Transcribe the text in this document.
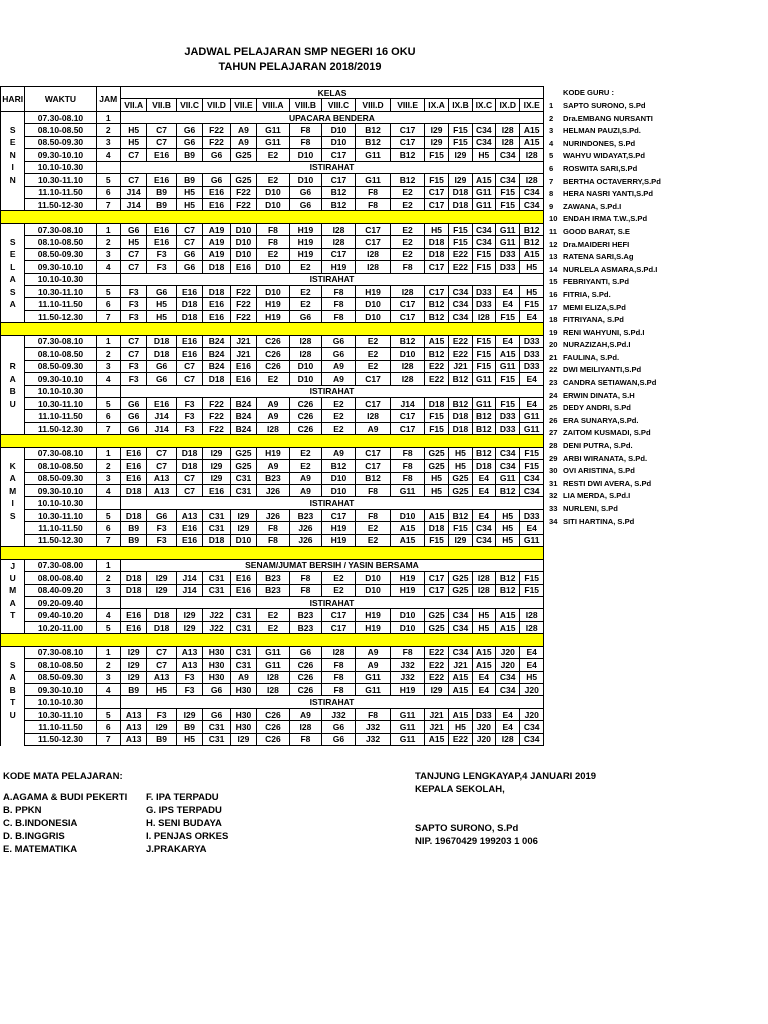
JADWAL PELAJARAN SMP NEGERI 16 OKU
TAHUN PELAJARAN 2018/2019
HARI	WAKTU	JAM	KELAS														
			VII.A	VII.B	VII.C	VII.D	VII.E	VIII.A	VIII.B	VIII.C	VIII.D	VIII.E	IX.A	IX.B	IX.C	IX.D	IX.E
	07.30-08.10	1	UPACARA BENDERA														
S	08.10-08.50	2	H5	C7	G6	F22	A9	G11	F8	D10	B12	C17	I29	F15	C34	I28	A15
E	08.50-09.30	3	H5	C7	G6	F22	A9	G11	F8	D10	B12	C17	I29	F15	C34	I28	A15
N	09.30-10.10	4	C7	E16	B9	G6	G25	E2	D10	C17	G11	B12	F15	I29	H5	C34	I28
I	10.10-10.30		ISTIRAHAT														
N	10.30-11.10	5	C7	E16	B9	G6	G25	E2	D10	C17	G11	B12	F15	I29	A15	C34	I28
	11.10-11.50	6	J14	B9	H5	E16	F22	D10	G6	B12	F8	E2	C17	D18	G11	F15	C34
	11.50-12-30	7	J14	B9	H5	E16	F22	D10	G6	B12	F8	E2	C17	D18	G11	F15	C34

	07.30-08.10	1	G6	E16	C7	A19	D10	F8	H19	I28	C17	E2	H5	F15	C34	G11	B12
S	08.10-08.50	2	H5	E16	C7	A19	D10	F8	H19	I28	C17	E2	D18	F15	C34	G11	B12
E	08.50-09.30	3	C7	F3	G6	A19	D10	E2	H19	C17	I28	E2	D18	E22	F15	D33	A15
L	09.30-10.10	4	C7	F3	G6	D18	E16	D10	E2	H19	I28	F8	C17	E22	F15	D33	H5
A	10.10-10.30		ISTIRAHAT														
S	10.30-11.10	5	F3	G6	E16	D18	F22	D10	E2	F8	H19	I28	C17	C34	D33	E4	H5
A	11.10-11.50	6	F3	H5	D18	E16	F22	H19	E2	F8	D10	C17	B12	C34	D33	E4	F15
	11.50-12.30	7	F3	H5	D18	E16	F22	H19	G6	F8	D10	C17	B12	C34	I28	F15	E4

	07.30-08.10	1	C7	D18	E16	B24	J21	C26	I28	G6	E2	B12	A15	E22	F15	E4	D33
	08.10-08.50	2	C7	D18	E16	B24	J21	C26	I28	G6	E2	D10	B12	E22	F15	A15	D33
R	08.50-09.30	3	F3	G6	C7	B24	E16	C26	D10	A9	E2	I28	E22	J21	F15	G11	D33
A	09.30-10.10	4	F3	G6	C7	D18	E16	E2	D10	A9	C17	I28	E22	B12	G11	F15	E4
B	10.10-10.30		ISTIRAHAT														
U	10.30-11.10	5	G6	E16	F3	F22	B24	A9	C26	E2	C17	J14	D18	B12	G11	F15	E4
	11.10-11.50	6	G6	J14	F3	F22	B24	A9	C26	E2	I28	C17	F15	D18	B12	D33	G11
	11.50-12.30	7	G6	J14	F3	F22	B24	I28	C26	E2	A9	C17	F15	D18	B12	D33	G11

	07.30-08.10	1	E16	C7	D18	I29	G25	H19	E2	A9	C17	F8	G25	H5	B12	C34	F15
K	08.10-08.50	2	E16	C7	D18	I29	G25	A9	E2	B12	C17	F8	G25	H5	D18	C34	F15
A	08.50-09.30	3	E16	A13	C7	I29	C31	B23	A9	D10	B12	F8	H5	G25	E4	G11	C34
M	09.30-10.10	4	D18	A13	C7	E16	C31	J26	A9	D10	F8	G11	H5	G25	E4	B12	C34
I	10.10-10.30		ISTIRAHAT														
S	10.30-11.10	5	D18	G6	A13	C31	I29	J26	B23	C17	F8	D10	A15	B12	E4	H5	D33
	11.10-11.50	6	B9	F3	E16	C31	I29	F8	J26	H19	E2	A15	D18	F15	C34	H5	E4
	11.50-12.30	7	B9	F3	E16	D18	D10	F8	J26	H19	E2	A15	F15	I29	C34	H5	G11

J	07.30-08.00	1	SENAM/JUMAT BERSIH / YASIN BERSAMA														
U	08.00-08.40	2	D18	I29	J14	C31	E16	B23	F8	E2	D10	H19	C17	G25	I28	B12	F15
M	08.40-09.20	3	D18	I29	J14	C31	E16	B23	F8	E2	D10	H19	C17	G25	I28	B12	F15
A	09.20-09.40		ISTIRAHAT														
T	09.40-10.20	4	E16	D18	I29	J22	C31	E2	B23	C17	H19	D10	G25	C34	H5	A15	I28
	10.20-11.00	5	E16	D18	I29	J22	C31	E2	B23	C17	H19	D10	G25	C34	H5	A15	I28

	07.30-08.10	1	I29	C7	A13	H30	C31	G11	G6	I28	A9	F8	E22	C34	A15	J20	E4
S	08.10-08.50	2	I29	C7	A13	H30	C31	G11	C26	F8	A9	J32	E22	J21	A15	J20	E4
A	08.50-09.30	3	I29	A13	F3	H30	A9	I28	C26	F8	G11	J32	E22	A15	E4	C34	H5
B	09.30-10.10	4	B9	H5	F3	G6	H30	I28	C26	F8	G11	H19	I29	A15	E4	C34	J20
T	10.10-10.30		ISTIRAHAT														
U	10.30-11.10	5	A13	F3	I29	G6	H30	C26	A9	J32	F8	G11	J21	A15	D33	E4	J20
	11.10-11.50	6	A13	I29	B9	C31	H30	C26	I28	G6	J32	G11	J21	H5	J20	E4	C34
	11.50-12.30	7	A13	B9	H5	C31	I29	C26	F8	G6	J32	G11	A15	E22	J20	I28	C34
KODE GURU :
1 SAPTO SURONO, S.Pd
2 Dra.EMBANG NURSANTI
3 HELMAN PAUZI,S.Pd.
4 NURINDONES, S.Pd
5 WAHYU WIDAYAT,S.Pd
6 ROSWITA SARI,S.Pd
7 BERTHA OCTAVERRY,S.Pd
8 HERA NASRI YANTI,S.Pd
9 ZAWANA, S.Pd.I
10 ENDAH IRMA T.W.,S.Pd
11 GOOD BARAT, S.E
12 Dra.MAIDERI HEFI
13 RATENA SARI,S.Ag
14 NURLELA ASMARA,S.Pd.I
15 FEBRIYANTI, S.Pd
16 FITRIA, S.Pd.
17 MEMI ELIZA,S.Pd
18 FITRIYANA, S.Pd
19 RENI WAHYUNI, S.Pd.I
20 NURAZIZAH,S.Pd.I
21 FAULINA, S.Pd.
22 DWI MEILIYANTI,S.Pd
23 CANDRA SETIAWAN,S.Pd
24 ERWIN DINATA, S.H
25 DEDY ANDRI, S.Pd
26 ERA SUNARYA,S.Pd.
27 ZAITOM KUSMADI, S.Pd
28 DENI PUTRA, S.Pd.
29 ARBI WIRANATA, S.Pd.
30 OVI ARISTINA, S.Pd
31 RESTI DWI AVERA, S.Pd
32 LIA MERDA, S.Pd.I
33 NURLENI, S.Pd
34 SITI HARTINA, S.Pd
KODE MATA PELAJARAN:
A.AGAMA & BUDI PEKERTI F. IPA TERPADU
B. PPKN	G. IPS TERPADU
C. B.INDONESIA	H. SENI BUDAYA
D. B.INGGRIS	I. PENJAS ORKES
E. MATEMATIKA	J.PRAKARYA
TANJUNG LENGKAYAP,4 JANUARI 2019
KEPALA SEKOLAH,
SAPTO SURONO, S.Pd
NIP. 19670429 199203 1 006
